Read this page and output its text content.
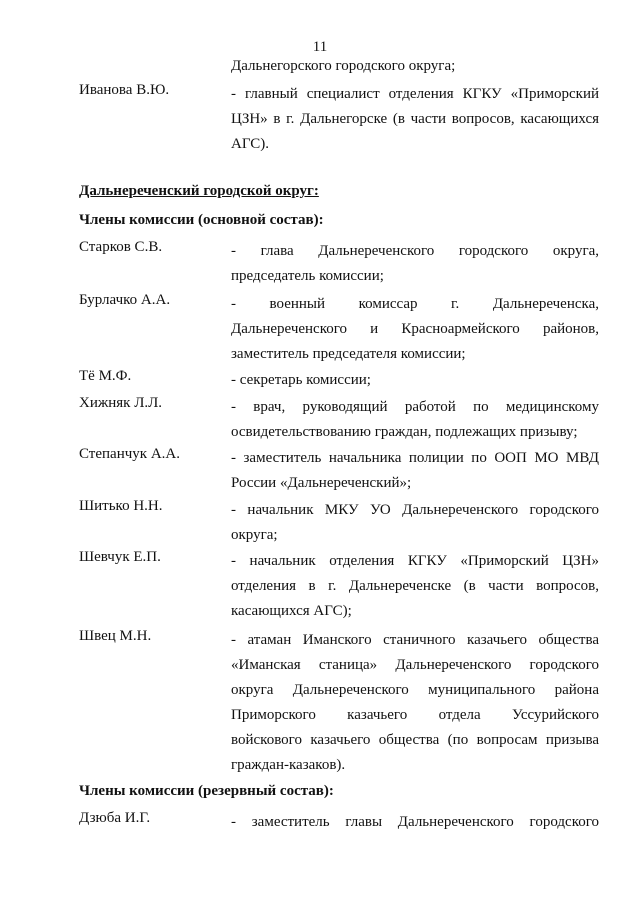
11
Дальнегорского городского округа;
Иванова В.Ю.	- главный специалист отделения КГКУ «Приморский
ЦЗН» в г. Дальнегорске (в части вопросов, касающихся
АГС).
Дальнереченский городской округ:
Члены комиссии (основной состав):
Старков С.В.	- глава Дальнереченского городского округа,
председатель комиссии;
Бурлачко А.А.	- военный комиссар г. Дальнереченска,
Дальнереченского и Красноармейского районов,
заместитель председателя комиссии;
Тё М.Ф.	- секретарь комиссии;
Хижняк Л.Л.	- врач, руководящий работой по медицинскому
освидетельствованию граждан, подлежащих призыву;
Степанчук А.А.	- заместитель начальника полиции по ООП МО МВД
России «Дальнереченский»;
Шитько Н.Н.	- начальник МКУ УО Дальнереченского городского
округа;
Шевчук Е.П.	- начальник отделения КГКУ «Приморский ЦЗН»
отделения в г. Дальнереченске (в части вопросов,
касающихся АГС);
Швец М.Н.	- атаман Иманского станичного казачьего общества
«Иманская станица» Дальнереченского городского
округа Дальнереченского муниципального района
Приморского казачьего отдела Уссурийского
войскового казачьего общества (по вопросам призыва
граждан-казаков).
Члены комиссии (резервный состав):
Дзюба И.Г.	- заместитель главы Дальнереченского городского
